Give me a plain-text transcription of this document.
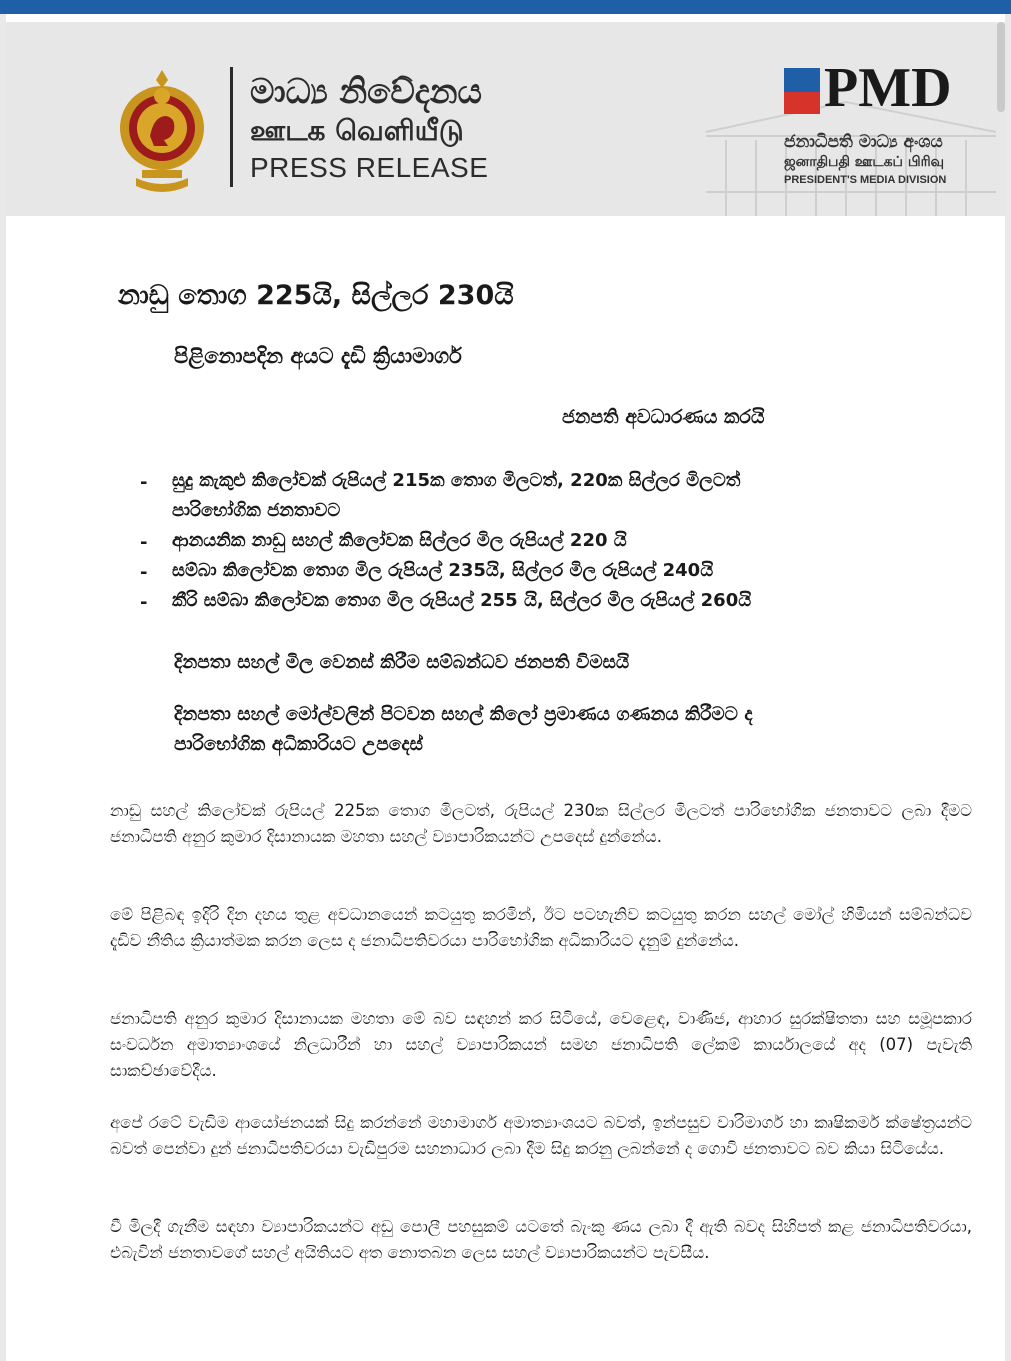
මාධ්‍ය නිවේදනය
ஊடக வெளியீடு
PRESS RELEASE
PMD
ජනාධිපති මාධ්‍ය අංශය
ஜனாதிபதி ஊடகப் பிரிவு
PRESIDENT'S MEDIA DIVISION
නාඩු තොග 225යි, සිල්ලර 230යි
පිළිනොපදින අයට දැඩි ක්‍රියාමාර්ග
ජනපති අවධාරණය කරයි
- සුදු කැකුළු කිලෝවක් රුපියල් 215ක තොග මිලටත්, 220ක සිල්ලර මිලටත්
පාරිභෝගික ජනතාවට
- ආනයනික නාඩු සහල් කිලෝවක සිල්ලර මිල රුපියල් 220 යි
- සම්බා කිලෝවක තොග මිල රුපියල් 235යි, සිල්ලර මිල රුපියල් 240යි
- කීරි සම්බා කිලෝවක තොග මිල රුපියල් 255 යි, සිල්ලර මිල රුපියල් 260යි
දිනපතා සහල් මිල වෙනස් කිරීම සම්බන්ධව ජනපති විමසයි
දිනපතා සහල් මෝල්වලින් පිටවන සහල් කිලෝ ප්‍රමාණය ගණනය කිරීමට ද
පාරිභෝගික අධිකාරියට උපදෙස්

නාඩු සහල් කිලෝවක් රුපියල් 225ක තොග මිලටත්, රුපියල් 230ක සිල්ලර මිලටත් පාරිභෝගික ජනතාවට ලබා දීමට ජනාධිපති අනුර කුමාර දිසානායක මහතා සහල් ව්‍යාපාරිකයන්ට උපදෙස් දුන්නේය.

මේ පිළිබඳ ඉදිරි දින දහය තුළ අවධානයෙන් කටයුතු කරමින්, ඊට පටහැනිව කටයුතු කරන සහල් මෝල් හිමියන් සම්බන්ධව දැඩිව නීතිය ක්‍රියාත්මක කරන ලෙස ද ජනාධිපතිවරයා පාරිභෝගික අධිකාරියට දැනුම් දුන්නේය.

ජනාධිපති අනුර කුමාර දිසානායක මහතා මේ බව සඳහන් කර සිටියේ, වෙළෙඳ, වාණිජ, ආහාර සුරක්ෂිතතා සහ සමූපකාර සංවර්ධන අමාත්‍යාංශයේ නිලධාරීන් හා සහල් ව්‍යාපාරිකයන් සමඟ ජනාධිපති ලේකම් කාර්යාලයේ අද (07) පැවැති සාකච්ඡාවේදීය.

අපේ රටේ වැඩිම ආයෝජනයක් සිදු කරන්නේ මහාමාර්ග අමාත්‍යාංශයට බවත්, ඉන්පසුව වාරිමාර්ග හා කෘෂිකර්ම ක්ෂේත්‍රයන්ට බවත් පෙන්වා දුන් ජනාධිපතිවරයා වැඩිපුරම සහනාධාර ලබා දීම සිදු කරනු ලබන්නේ ද ගොවි ජනතාවට බව කියා සිටියේය.

වී මිලදී ගැනීම සඳහා ව්‍යාපාරිකයන්ට අඩු පොලී පහසුකම් යටතේ බැංකු ණය ලබා දී ඇති බවද සිහිපත් කළ ජනාධිපතිවරයා, එබැවින් ජනතාවගේ සහල් අයිතියට අත නොතබන ලෙස සහල් ව්‍යාපාරිකයන්ට පැවසීය.
